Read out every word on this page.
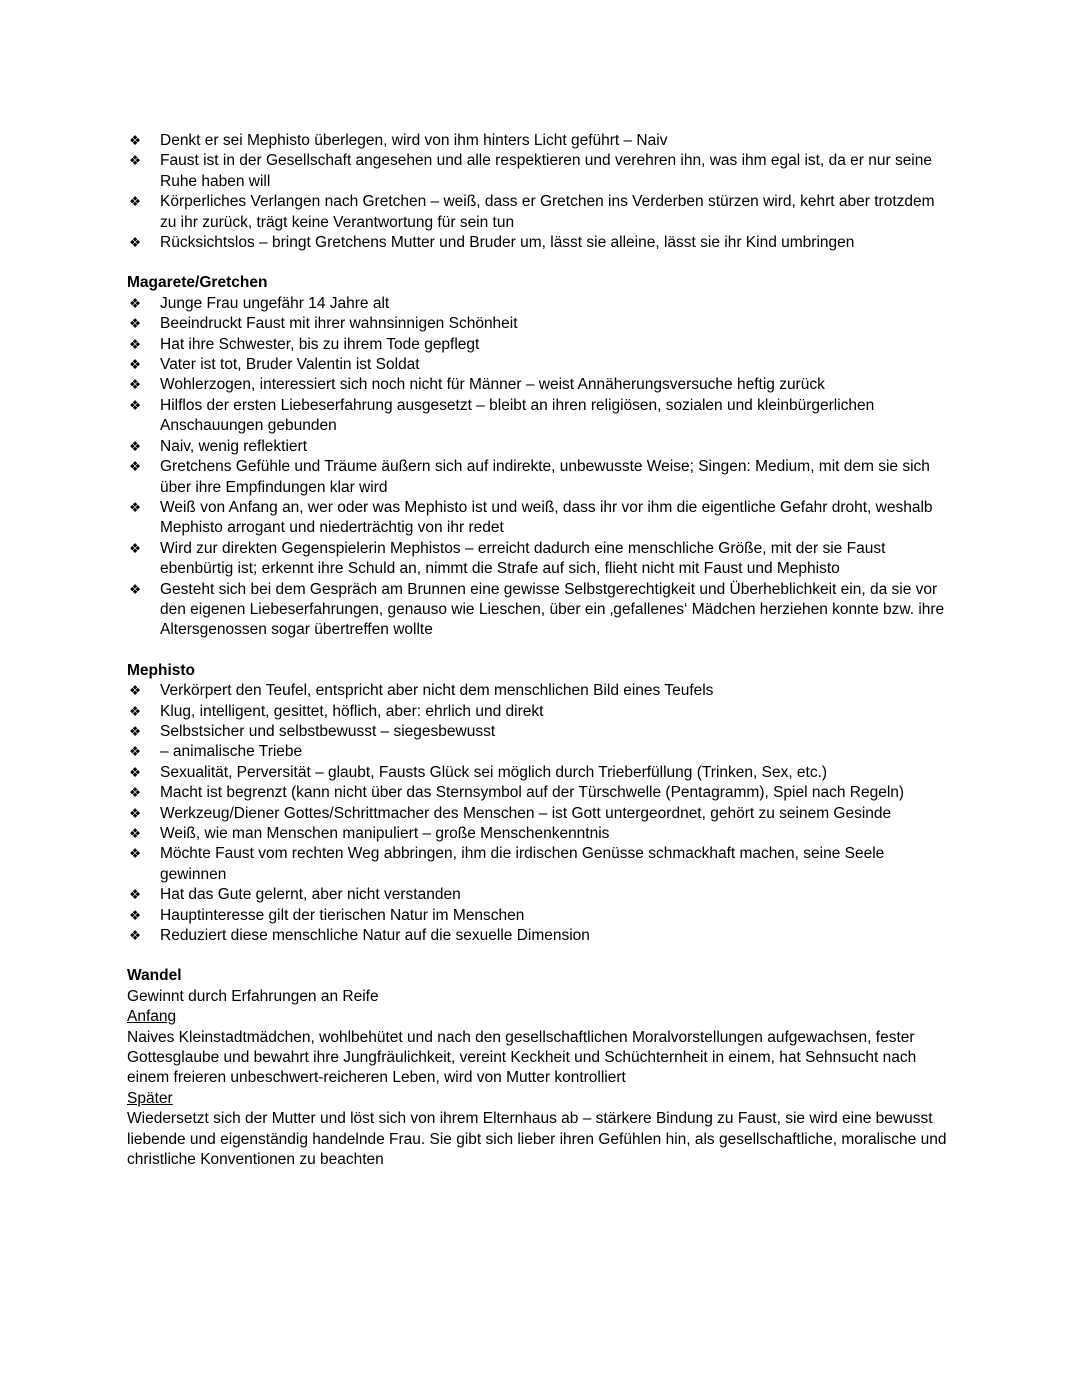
❖ Denkt er sei Mephisto überlegen, wird von ihm hinters Licht geführt – Naiv
❖ Faust ist in der Gesellschaft angesehen und alle respektieren und verehren ihn, was ihm egal ist, da er nur seine Ruhe haben will
❖ Körperliches Verlangen nach Gretchen – weiß, dass er Gretchen ins Verderben stürzen wird, kehrt aber trotzdem zu ihr zurück, trägt keine Verantwortung für sein tun
❖ Rücksichtslos – bringt Gretchens Mutter und Bruder um, lässt sie alleine, lässt sie ihr Kind umbringen
Magarete/Gretchen
❖ Junge Frau ungefähr 14 Jahre alt
❖ Beeindruckt Faust mit ihrer wahnsinnigen Schönheit
❖ Hat ihre Schwester, bis zu ihrem Tode gepflegt
❖ Vater ist tot, Bruder Valentin ist Soldat
❖ Wohlerzogen, interessiert sich noch nicht für Männer – weist Annäherungsversuche heftig zurück
❖ Hilflos der ersten Liebeserfahrung ausgesetzt – bleibt an ihren religiösen, sozialen und kleinbürgerlichen Anschauungen gebunden
❖ Naiv, wenig reflektiert
❖ Gretchens Gefühle und Träume äußern sich auf indirekte, unbewusste Weise; Singen: Medium, mit dem sie sich über ihre Empfindungen klar wird
❖ Weiß von Anfang an, wer oder was Mephisto ist und weiß, dass ihr vor ihm die eigentliche Gefahr droht, weshalb Mephisto arrogant und niederträchtig von ihr redet
❖ Wird zur direkten Gegenspielerin Mephistos – erreicht dadurch eine menschliche Größe, mit der sie Faust ebenbürtig ist; erkennt ihre Schuld an, nimmt die Strafe auf sich, flieht nicht mit Faust und Mephisto
❖ Gesteht sich bei dem Gespräch am Brunnen eine gewisse Selbstgerechtigkeit und Überheblichkeit ein, da sie vor den eigenen Liebeserfahrungen, genauso wie Lieschen, über ein ‚gefallenes‘ Mädchen herziehen konnte bzw. ihre Altersgenossen sogar übertreffen wollte
Mephisto
❖ Verkörpert den Teufel, entspricht aber nicht dem menschlichen Bild eines Teufels
❖ Klug, intelligent, gesittet, höflich, aber: ehrlich und direkt
❖ Selbstsicher und selbstbewusst – siegesbewusst
❖ – animalische Triebe
❖ Sexualität, Perversität – glaubt, Fausts Glück sei möglich durch Trieberfüllung (Trinken, Sex, etc.)
❖ Macht ist begrenzt (kann nicht über das Sternsymbol auf der Türschwelle (Pentagramm), Spiel nach Regeln)
❖ Werkzeug/Diener Gottes/Schrittmacher des Menschen – ist Gott untergeordnet, gehört zu seinem Gesinde
❖ Weiß, wie man Menschen manipuliert – große Menschenkenntnis
❖ Möchte Faust vom rechten Weg abbringen, ihm die irdischen Genüsse schmackhaft machen, seine Seele gewinnen
❖ Hat das Gute gelernt, aber nicht verstanden
❖ Hauptinteresse gilt der tierischen Natur im Menschen
❖ Reduziert diese menschliche Natur auf die sexuelle Dimension
Wandel

Gewinnt durch Erfahrungen an Reife

Anfang

Naives Kleinstadtmädchen, wohlbehütet und nach den gesellschaftlichen Moralvorstellungen aufgewachsen, fester Gottesglaube und bewahrt ihre Jungfräulichkeit, vereint Keckheit und Schüchternheit in einem, hat Sehnsucht nach einem freieren unbeschwert-reicheren Leben, wird von Mutter kontrolliert

Später

Wiedersetzt sich der Mutter und löst sich von ihrem Elternhaus ab – stärkere Bindung zu Faust, sie wird eine bewusst liebende und eigenständig handelnde Frau. Sie gibt sich lieber ihren Gefühlen hin, als gesellschaftliche, moralische und christliche Konventionen zu beachten
